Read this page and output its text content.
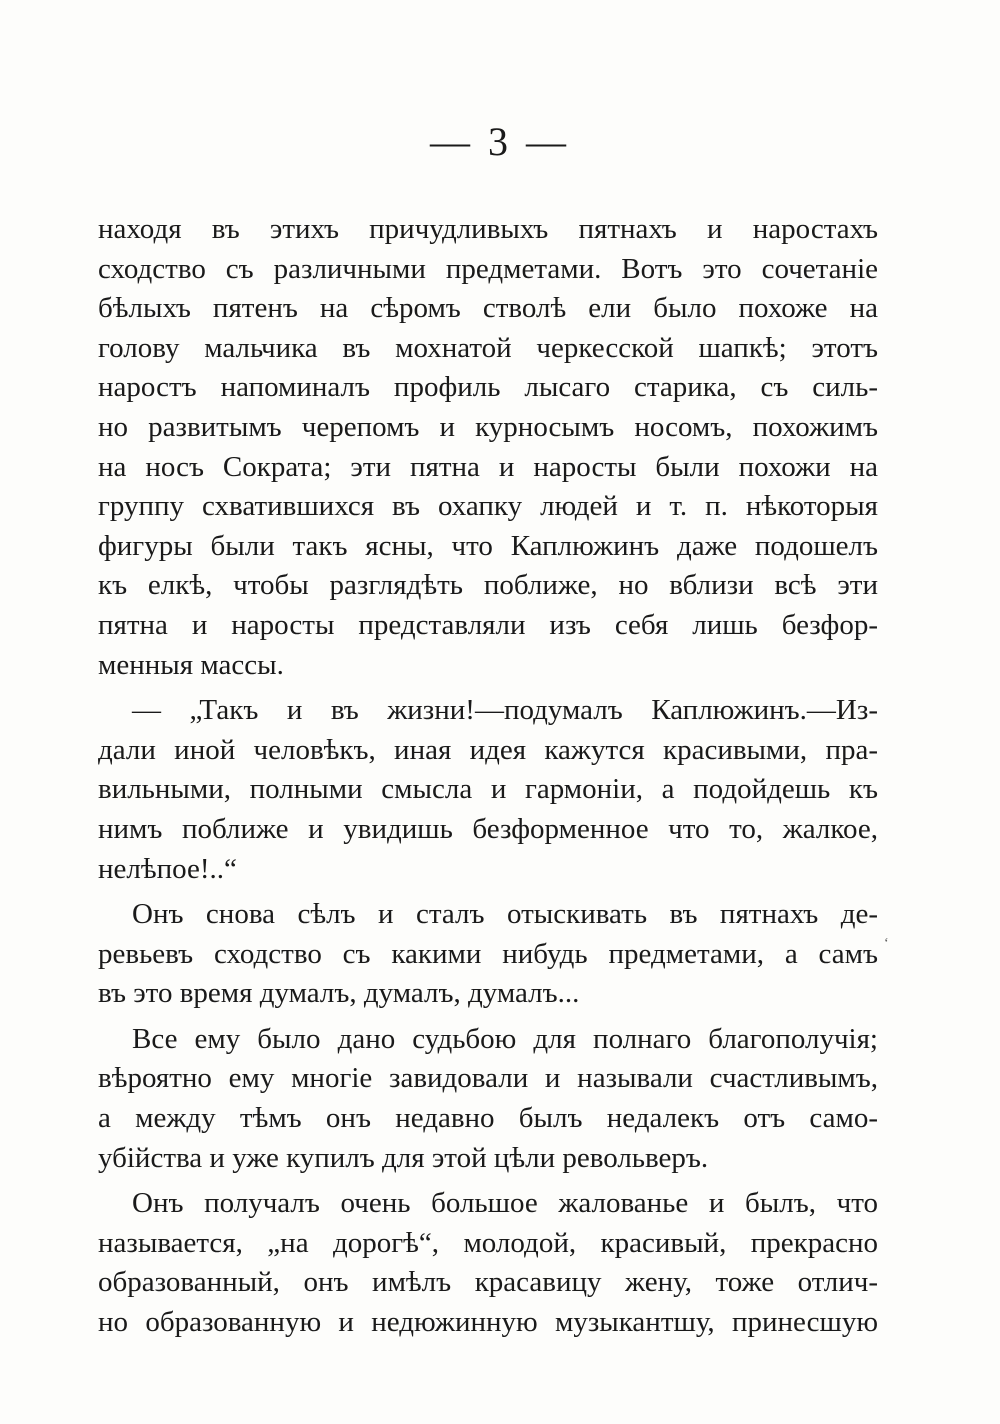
— 3 —
находя въ этихъ причудливыхъ пятнахъ и наростахъ
сходство съ различными предметами. Вотъ это сочетаніе
бѣлыхъ пятенъ на сѣромъ стволѣ ели было похоже на
голову мальчика въ мохнатой черкесской шапкѣ; этотъ
наростъ напоминалъ профиль лысаго старика, съ силь-
но развитымъ черепомъ и курносымъ носомъ, похожимъ
на носъ Сократа; эти пятна и наросты были похожи на
группу схватившихся въ охапку людей и т. п. нѣкоторыя
фигуры были такъ ясны, что Каплюжинъ даже подошелъ
къ елкѣ, чтобы разглядѣть поближе, но вблизи всѣ эти
пятна и наросты представляли изъ себя лишь безфор-
менныя массы.
— „Такъ и въ жизни!—подумалъ Каплюжинъ.—Из-
дали иной человѣкъ, иная идея кажутся красивыми, пра-
вильными, полными смысла и гармоніи, а подойдешь къ
нимъ поближе и увидишь безформенное что то, жалкое,
нелѣпое!..“
Онъ снова сѣлъ и сталъ отыскивать въ пятнахъ де-
ревьевъ сходство съ какими нибудь предметами, а самъ
въ это время думалъ, думалъ, думалъ...
Все ему было дано судьбою для полнаго благополучія;
вѣроятно ему многіе завидовали и называли счастливымъ,
а между тѣмъ онъ недавно былъ недалекъ отъ само-
убійства и уже купилъ для этой цѣли револьверъ.
Онъ получалъ очень большое жалованье и былъ, что
называется, „на дорогѣ“, молодой, красивый, прекрасно
образованный, онъ имѣлъ красавицу жену, тоже отлич-
но образованную и недюжинную музыкантшу, принесшую
ʻ
